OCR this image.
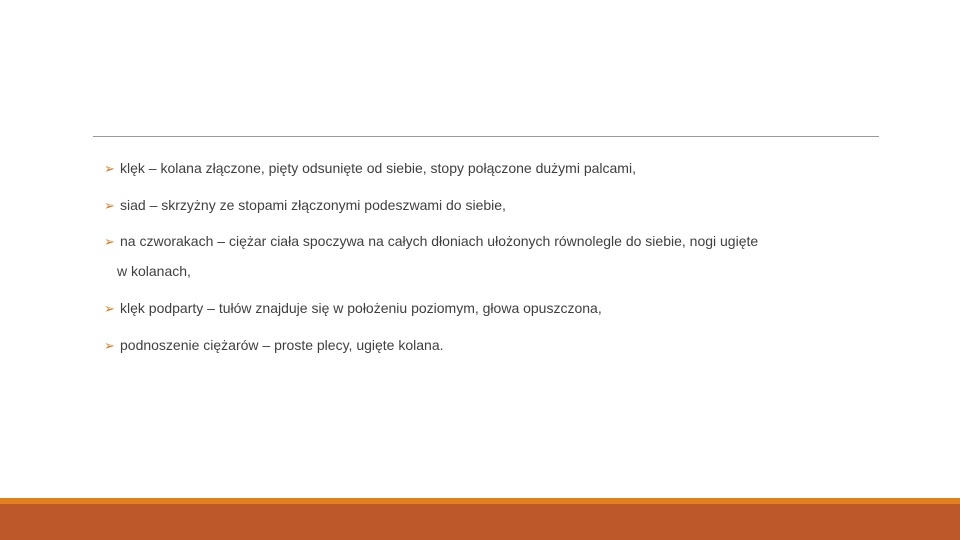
➢ klęk – kolana złączone, pięty odsunięte od siebie, stopy połączone dużymi palcami,
➢ siad – skrzyżny ze stopami złączonymi podeszwami do siebie,
➢ na czworakach – ciężar ciała spoczywa na całych dłoniach ułożonych równolegle do siebie, nogi ugięte
w kolanach,
➢ klęk podparty – tułów znajduje się w położeniu poziomym, głowa opuszczona,
➢ podnoszenie ciężarów – proste plecy, ugięte kolana.
